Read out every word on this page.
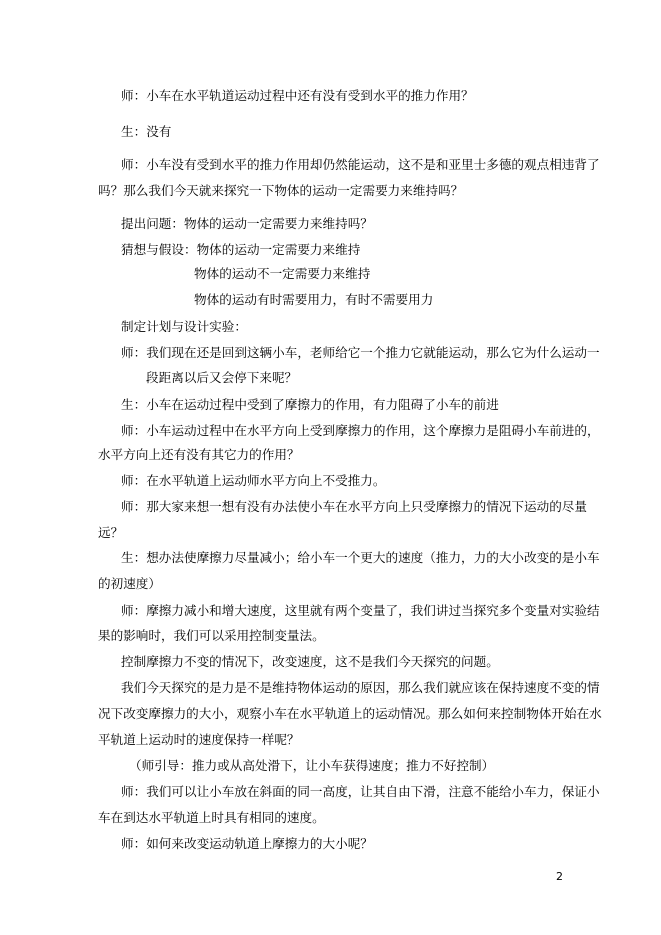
师：小车在水平轨道运动过程中还有没有受到水平的推力作用？
生：没有
师：小车没有受到水平的推力作用却仍然能运动，这不是和亚里士多德的观点相违背了
吗？那么我们今天就来探究一下物体的运动一定需要力来维持吗？
提出问题：物体的运动一定需要力来维持吗？
猜想与假设：物体的运动一定需要力来维持
物体的运动不一定需要力来维持
物体的运动有时需要用力，有时不需要用力
制定计划与设计实验：
师：我们现在还是回到这辆小车，老师给它一个推力它就能运动，那么它为什么运动一
段距离以后又会停下来呢？
生：小车在运动过程中受到了摩擦力的作用，有力阻碍了小车的前进
师：小车运动过程中在水平方向上受到摩擦力的作用，这个摩擦力是阻碍小车前进的，
水平方向上还有没有其它力的作用？
师：在水平轨道上运动师水平方向上不受推力。
师：那大家来想一想有没有办法使小车在水平方向上只受摩擦力的情况下运动的尽量
远？
生：想办法使摩擦力尽量减小；给小车一个更大的速度（推力，力的大小改变的是小车
的初速度）
师：摩擦力减小和增大速度，这里就有两个变量了，我们讲过当探究多个变量对实验结
果的影响时，我们可以采用控制变量法。
控制摩擦力不变的情况下，改变速度，这不是我们今天探究的问题。
我们今天探究的是力是不是维持物体运动的原因，那么我们就应该在保持速度不变的情
况下改变摩擦力的大小，观察小车在水平轨道上的运动情况。那么如何来控制物体开始在水
平轨道上运动时的速度保持一样呢？
（师引导：推力或从高处滑下，让小车获得速度；推力不好控制）
师：我们可以让小车放在斜面的同一高度，让其自由下滑，注意不能给小车力，保证小
车在到达水平轨道上时具有相同的速度。
师：如何来改变运动轨道上摩擦力的大小呢？
2
